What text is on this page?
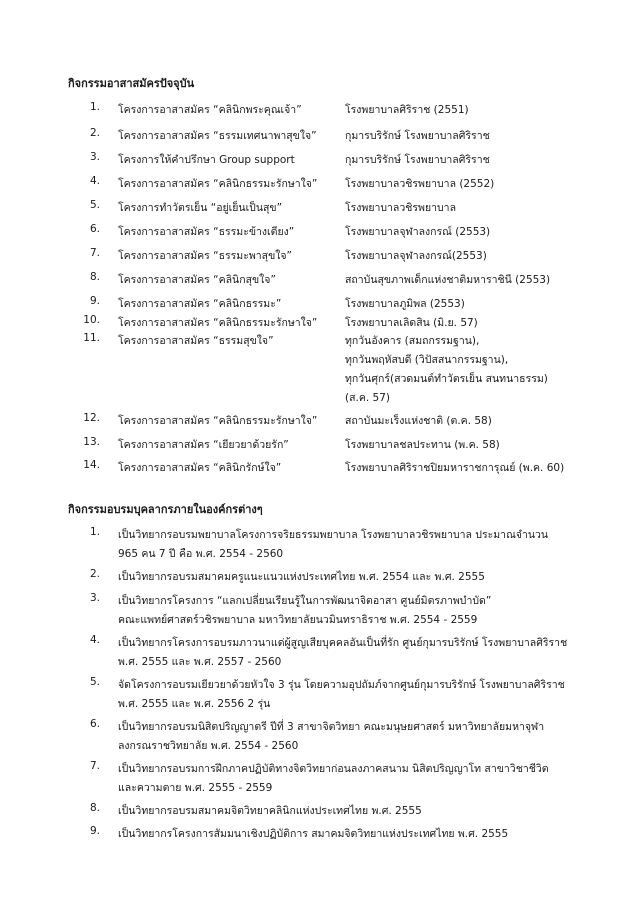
กิจกรรมอาสาสมัครปัจจุบัน
1. โครงการอาสาสมัคร “คลินิกพระคุณเจ้า”	โรงพยาบาลศิริราช (2551)
2. โครงการอาสาสมัคร “ธรรมเทศนาพาสุขใจ”	กุมารบริรักษ์ โรงพยาบาลศิริราช
3. โครงการให้คำปรึกษา Group support	กุมารบริรักษ์ โรงพยาบาลศิริราช
4. โครงการอาสาสมัคร “คลินิกธรรมะรักษาใจ”	โรงพยาบาลวชิรพยาบาล (2552)
5. โครงการทำวัตรเย็น “อยู่เย็นเป็นสุข”	โรงพยาบาลวชิรพยาบาล
6. โครงการอาสาสมัคร “ธรรมะข้างเตียง”	โรงพยาบาลจุฬาลงกรณ์ (2553)
7. โครงการอาสาสมัคร “ธรรมะพาสุขใจ”	โรงพยาบาลจุฬาลงกรณ์(2553)
8. โครงการอาสาสมัคร “คลินิกสุขใจ”	สถาบันสุขภาพเด็กแห่งชาติมหาราชินี (2553)
9. โครงการอาสาสมัคร “คลินิกธรรมะ”	โรงพยาบาลภูมิพล (2553)
10. โครงการอาสาสมัคร “คลินิกธรรมะรักษาใจ”	โรงพยาบาลเลิดสิน (มิ.ย. 57)
11. โครงการอาสาสมัคร “ธรรมสุขใจ”	ทุกวันอังคาร (สมถกรรมฐาน),
ทุกวันพฤหัสบดี (วิปัสสนากรรมฐาน),
ทุกวันศุกร์(สวดมนต์ทำวัตรเย็น สนทนาธรรม)
(ส.ค. 57)
12. โครงการอาสาสมัคร “คลินิกธรรมะรักษาใจ”	สถาบันมะเร็งแห่งชาติ (ต.ค. 58)
13. โครงการอาสาสมัคร “เยียวยาด้วยรัก”	โรงพยาบาลชลประทาน (พ.ค. 58)
14. โครงการอาสาสมัคร “คลินิกรักษ์ใจ”	โรงพยาบาลศิริราชปิยมหาราชการุณย์ (พ.ค. 60)
กิจกรรมอบรมบุคลากรภายในองค์กรต่างๆ
1. เป็นวิทยากรอบรมพยาบาลโครงการจริยธรรมพยาบาล โรงพยาบาลวชิรพยาบาล ประมาณจำนวน
965 คน 7 ปี คือ พ.ศ. 2554 - 2560
2. เป็นวิทยากรอบรมสมาคมครูแนะแนวแห่งประเทศไทย พ.ศ. 2554 และ พ.ศ. 2555
3. เป็นวิทยากรโครงการ “แลกเปลี่ยนเรียนรู้ในการพัฒนาจิตอาสา ศูนย์มิตรภาพบำบัด”
คณะแพทย์ศาสตร์วชิรพยาบาล มหาวิทยาลัยนวมินทราธิราช พ.ศ. 2554 - 2559
4. เป็นวิทยากรโครงการอบรมภาวนาแด่ผู้สูญเสียบุคคลอันเป็นที่รัก ศูนย์กุมารบริรักษ์ โรงพยาบาลศิริราช
พ.ศ. 2555 และ พ.ศ. 2557 - 2560
5. จัดโครงการอบรมเยียวยาด้วยหัวใจ 3 รุ่น โดยความอุปถัมภ์จากศูนย์กุมารบริรักษ์ โรงพยาบาลศิริราช
พ.ศ. 2555 และ พ.ศ. 2556 2 รุ่น
6. เป็นวิทยากรอบรมนิสิตปริญญาตรี ปีที่ 3 สาขาจิตวิทยา คณะมนุษยศาสตร์ มหาวิทยาลัยมหาจุฬา
ลงกรณราชวิทยาลัย พ.ศ. 2554 - 2560
7. เป็นวิทยากรอบรมการฝึกภาคปฏิบัติทางจิตวิทยาก่อนลงภาคสนาม นิสิตปริญญาโท สาขาวิชาชีวิต
และความตาย พ.ศ. 2555 - 2559
8. เป็นวิทยากรอบรมสมาคมจิตวิทยาคลินิกแห่งประเทศไทย พ.ศ. 2555
9. เป็นวิทยากรโครงการสัมมนาเชิงปฏิบัติการ สมาคมจิตวิทยาแห่งประเทศไทย พ.ศ. 2555
